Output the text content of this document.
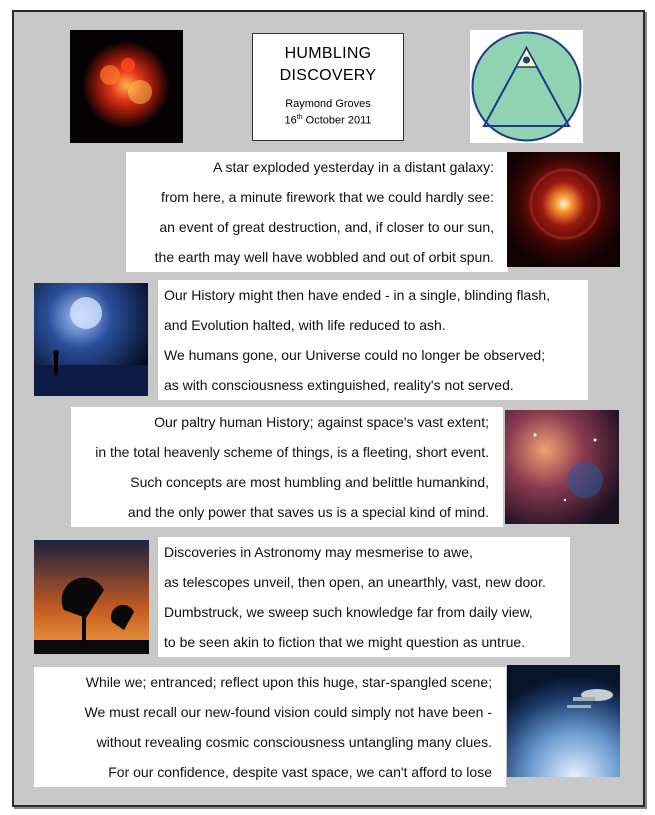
HUMBLING
DISCOVERY
Raymond Groves
16th October 2011
A star exploded yesterday in a distant galaxy:
from here, a minute firework that we could hardly see:
an event of great destruction, and, if closer to our sun,
the earth may well have wobbled and out of orbit spun.
Our History might then have ended - in a single, blinding flash,
and Evolution halted, with life reduced to ash.
We humans gone, our Universe could no longer be observed;
as with consciousness extinguished, reality's not served.
Our paltry human History; against space's vast extent;
in the total heavenly scheme of things, is a fleeting, short event.
Such concepts are most humbling and belittle humankind,
and the only power that saves us is a special kind of mind.
Discoveries in Astronomy may mesmerise to awe,
as telescopes unveil, then open, an unearthly, vast, new door.
Dumbstruck, we sweep such knowledge far from daily view,
to be seen akin to fiction that we might question as untrue.
While we; entranced; reflect upon this huge, star-spangled scene;
We must recall our new-found vision could simply not have been -
without revealing cosmic consciousness untangling many clues.
For our confidence, despite vast space, we can't afford to lose
